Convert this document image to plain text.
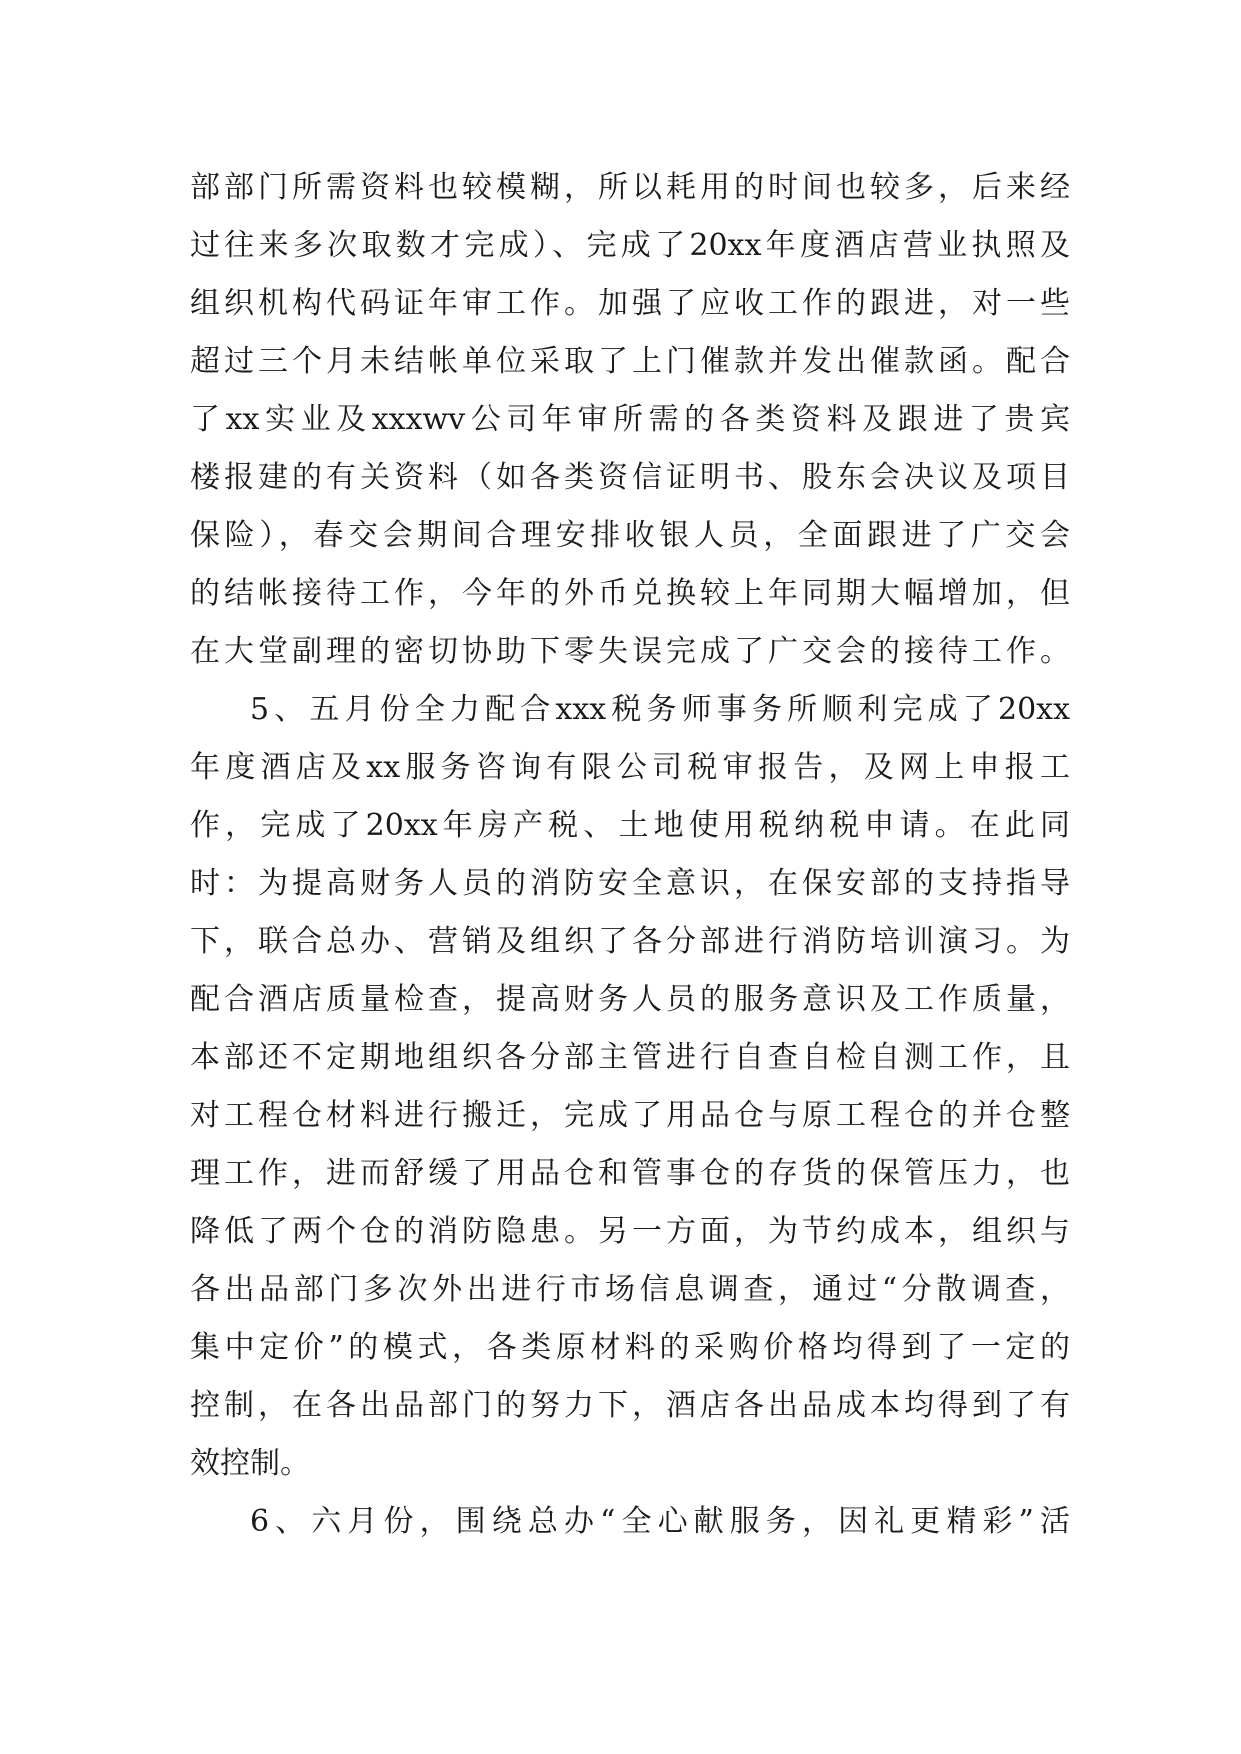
部部门所需资料也较模糊，所以耗用的时间也较多，后来经
过往来多次取数才完成）、完成了20xx年度酒店营业执照及
组织机构代码证年审工作。加强了应收工作的跟进，对一些
超过三个月未结帐单位采取了上门催款并发出催款函。配合
了xx实业及xxxwv公司年审所需的各类资料及跟进了贵宾
楼报建的有关资料（如各类资信证明书、股东会决议及项目
保险），春交会期间合理安排收银人员，全面跟进了广交会
的结帐接待工作，今年的外币兑换较上年同期大幅增加，但
在大堂副理的密切协助下零失误完成了广交会的接待工作。
5、五月份全力配合xxx税务师事务所顺利完成了20xx
年度酒店及xx服务咨询有限公司税审报告，及网上申报工
作，完成了20xx年房产税、土地使用税纳税申请。在此同
时：为提高财务人员的消防安全意识，在保安部的支持指导
下，联合总办、营销及组织了各分部进行消防培训演习。为
配合酒店质量检查，提高财务人员的服务意识及工作质量，
本部还不定期地组织各分部主管进行自查自检自测工作，且
对工程仓材料进行搬迁，完成了用品仓与原工程仓的并仓整
理工作，进而舒缓了用品仓和管事仓的存货的保管压力，也
降低了两个仓的消防隐患。另一方面，为节约成本，组织与
各出品部门多次外出进行市场信息调查，通过“分散调查，
集中定价”的模式，各类原材料的采购价格均得到了一定的
控制，在各出品部门的努力下，酒店各出品成本均得到了有
效控制。
6、六月份，围绕总办“全心献服务，因礼更精彩”活
